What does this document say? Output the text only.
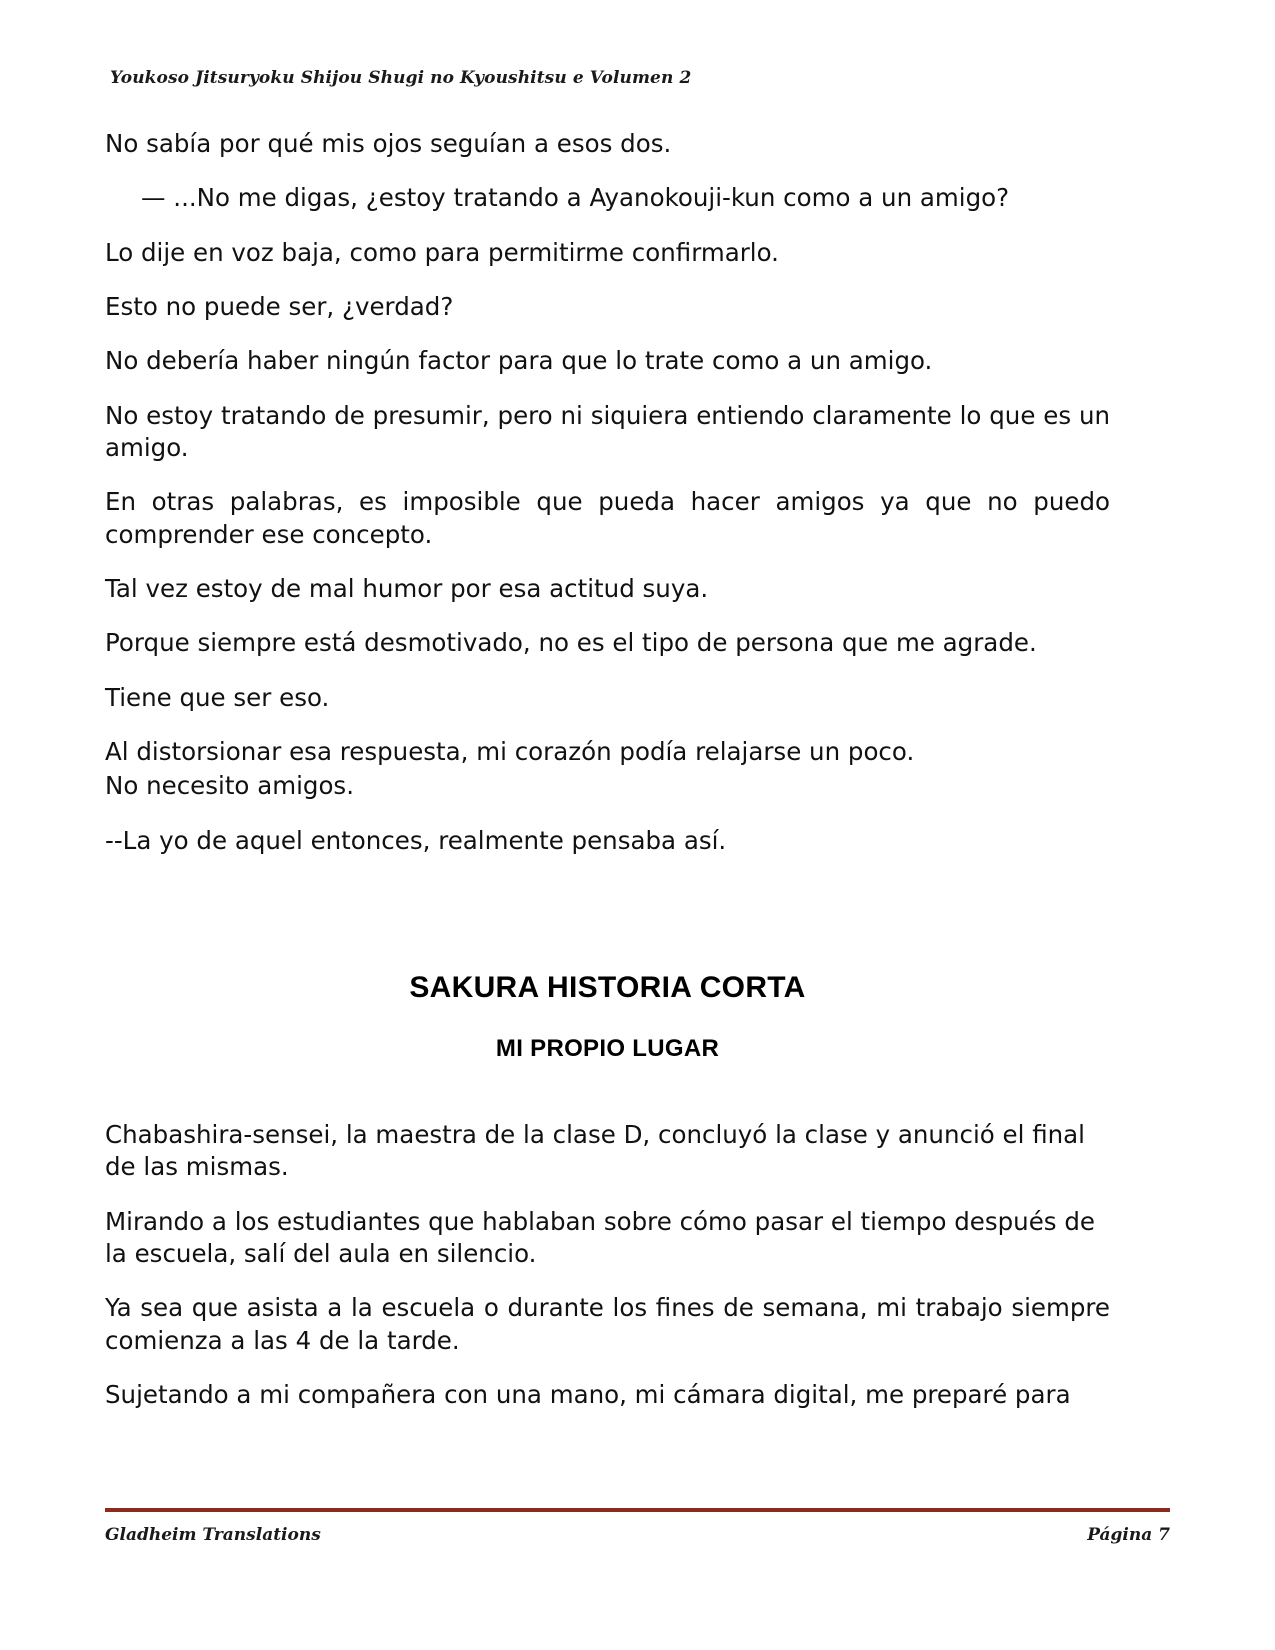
Youkoso Jitsuryoku Shijou Shugi no Kyoushitsu e Volumen 2

No sabía por qué mis ojos seguían a esos dos.

— ...No me digas, ¿estoy tratando a Ayanokouji-kun como a un amigo?

Lo dije en voz baja, como para permitirme confirmarlo.

Esto no puede ser, ¿verdad?

No debería haber ningún factor para que lo trate como a un amigo.

No estoy tratando de presumir, pero ni siquiera entiendo claramente lo que es un amigo.

En otras palabras, es imposible que pueda hacer amigos ya que no puedo comprender ese concepto.

Tal vez estoy de mal humor por esa actitud suya.

Porque siempre está desmotivado, no es el tipo de persona que me agrade.

Tiene que ser eso.

Al distorsionar esa respuesta, mi corazón podía relajarse un poco.

No necesito amigos.

--La yo de aquel entonces, realmente pensaba así.

SAKURA HISTORIA CORTA
MI PROPIO LUGAR

Chabashira-sensei, la maestra de la clase D, concluyó la clase y anunció el final de las mismas.

Mirando a los estudiantes que hablaban sobre cómo pasar el tiempo después de la escuela, salí del aula en silencio.

Ya sea que asista a la escuela o durante los fines de semana, mi trabajo siempre comienza a las 4 de la tarde.

Sujetando a mi compañera con una mano, mi cámara digital, me preparé para

Gladheim Translations	Página 7
